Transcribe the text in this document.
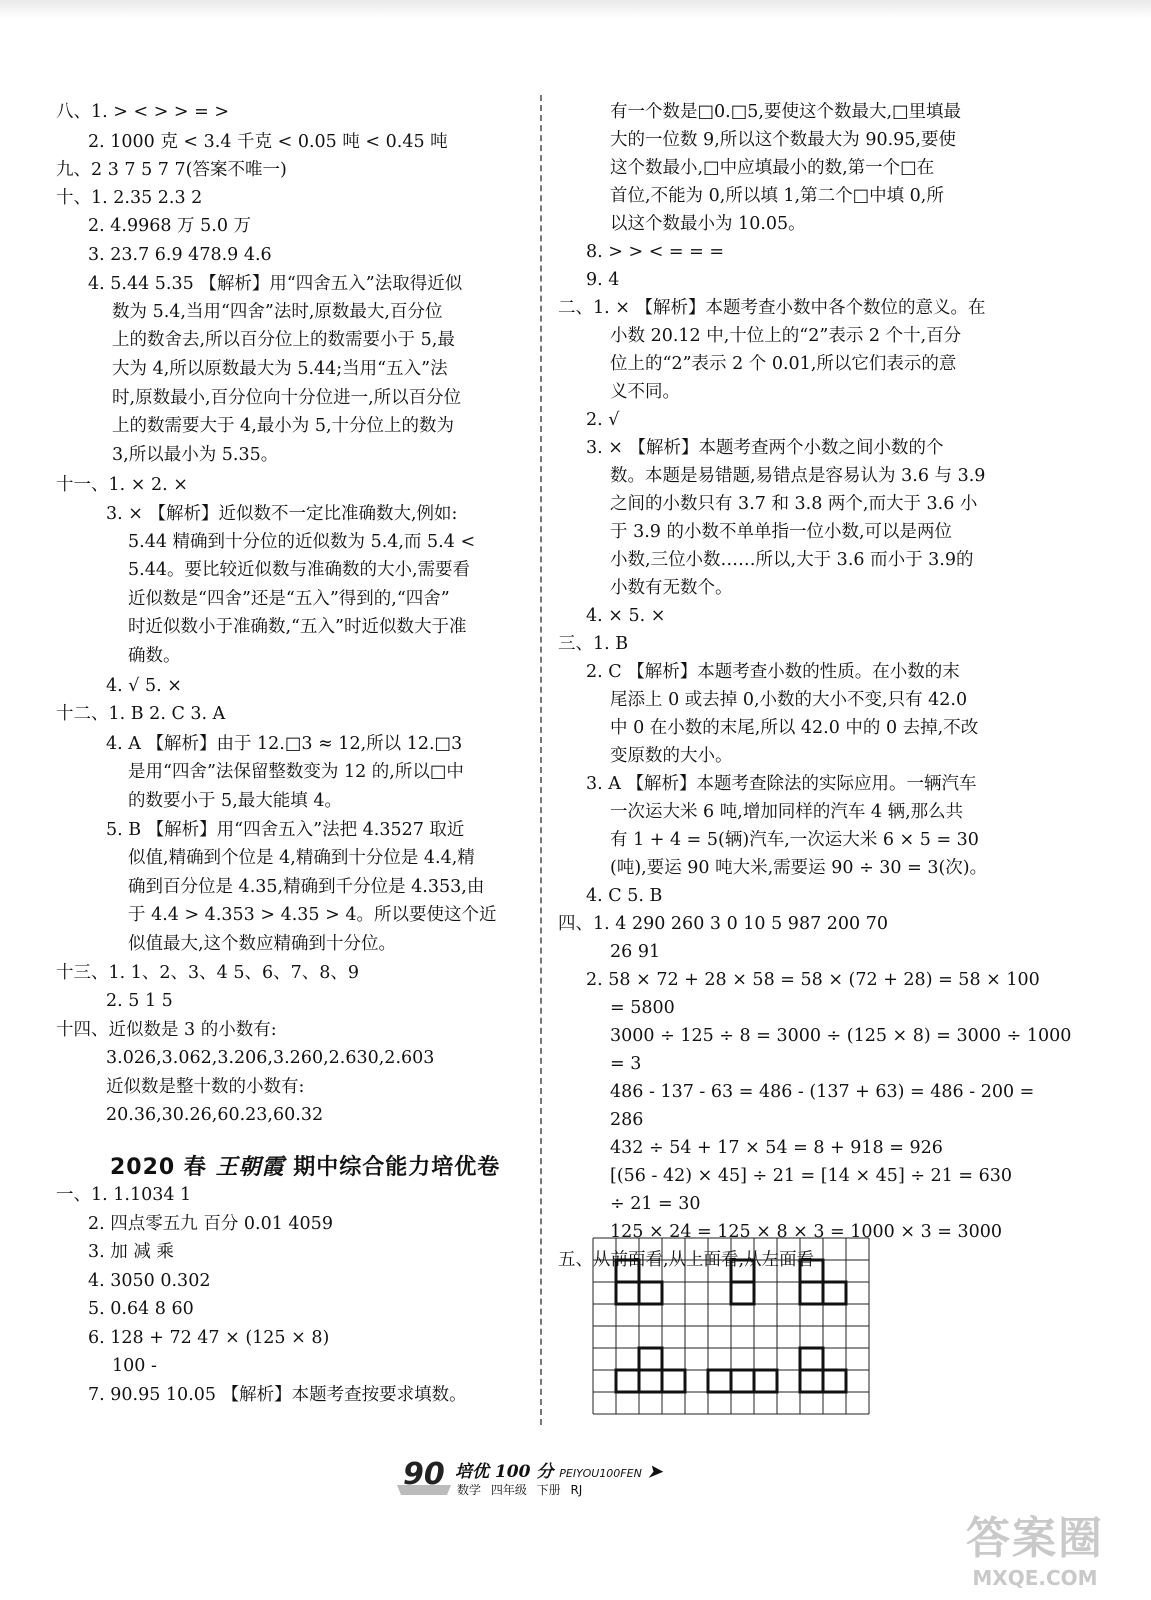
八、1. > < > > = >
2. 1000 克 < 3.4 千克 < 0.05 吨 < 0.45 吨
九、2 3 7 5 7 7(答案不唯一)
十、1. 2.35 2.3 2
2. 4.9968 万 5.0 万
3. 23.7 6.9 478.9 4.6
4. 5.44 5.35 【解析】用“四舍五入”法取得近似
数为 5.4,当用“四舍”法时,原数最大,百分位
上的数舍去,所以百分位上的数需要小于 5,最
大为 4,所以原数最大为 5.44;当用“五入”法
时,原数最小,百分位向十分位进一,所以百分位
上的数需要大于 4,最小为 5,十分位上的数为
3,所以最小为 5.35。
十一、1. × 2. ×
3. × 【解析】近似数不一定比准确数大,例如:
5.44 精确到十分位的近似数为 5.4,而 5.4 <
5.44。要比较近似数与准确数的大小,需要看
近似数是“四舍”还是“五入”得到的,“四舍”
时近似数小于准确数,“五入”时近似数大于准
确数。
4. √ 5. ×
十二、1. B 2. C 3. A
4. A 【解析】由于 12.□3 ≈ 12,所以 12.□3
是用“四舍”法保留整数变为 12 的,所以□中
的数要小于 5,最大能填 4。
5. B 【解析】用“四舍五入”法把 4.3527 取近
似值,精确到个位是 4,精确到十分位是 4.4,精
确到百分位是 4.35,精确到千分位是 4.353,由
于 4.4 > 4.353 > 4.35 > 4。所以要使这个近
似值最大,这个数应精确到十分位。
十三、1. 1、2、3、4 5、6、7、8、9
2. 5 1 5
十四、近似数是 3 的小数有:
3.026,3.062,3.206,3.260,2.630,2.603
近似数是整十数的小数有:
20.36,30.26,60.23,60.32
一、1. 1.1034 1
2. 四点零五九 百分 0.01 4059
3. 加 减 乘
4. 3050 0.302
5. 0.64 8 60
6. 128 + 72 47 × (125 × 8)
100 -
7. 90.95 10.05 【解析】本题考查按要求填数。
有一个数是□0.□5,要使这个数最大,□里填最
大的一位数 9,所以这个数最大为 90.95,要使
这个数最小,□中应填最小的数,第一个□在
首位,不能为 0,所以填 1,第二个□中填 0,所
以这个数最小为 10.05。
8. > > < = = =
9. 4
二、1. × 【解析】本题考查小数中各个数位的意义。在
小数 20.12 中,十位上的“2”表示 2 个十,百分
位上的“2”表示 2 个 0.01,所以它们表示的意
义不同。
2. √
3. × 【解析】本题考查两个小数之间小数的个
数。本题是易错题,易错点是容易认为 3.6 与 3.9
之间的小数只有 3.7 和 3.8 两个,而大于 3.6 小
于 3.9 的小数不单单指一位小数,可以是两位
小数,三位小数……所以,大于 3.6 而小于 3.9的
小数有无数个。
4. × 5. ×
三、1. B
2. C 【解析】本题考查小数的性质。在小数的末
尾添上 0 或去掉 0,小数的大小不变,只有 42.0
中 0 在小数的末尾,所以 42.0 中的 0 去掉,不改
变原数的大小。
3. A 【解析】本题考查除法的实际应用。一辆汽车
一次运大米 6 吨,增加同样的汽车 4 辆,那么共
有 1 + 4 = 5(辆)汽车,一次运大米 6 × 5 = 30
(吨),要运 90 吨大米,需要运 90 ÷ 30 = 3(次)。
4. C 5. B
四、1. 4 290 260 3 0 10 5 987 200 70
26 91
2. 58 × 72 + 28 × 58 = 58 × (72 + 28) = 58 × 100
= 5800
3000 ÷ 125 ÷ 8 = 3000 ÷ (125 × 8) = 3000 ÷ 1000
= 3
486 - 137 - 63 = 486 - (137 + 63) = 486 - 200 =
286
432 ÷ 54 + 17 × 54 = 8 + 918 = 926
[(56 - 42) × 45] ÷ 21 = [14 × 45] ÷ 21 = 630
÷ 21 = 30
125 × 24 = 125 × 8 × 3 = 1000 × 3 = 3000
五、从前面看,从上面看,从左面看
2020 春 王朝霞 期中综合能力培优卷
90 培优 100 分 PEIYOU100FEN ➤
数学 四年级 下册 RJ
答案圈
MXQE.COM
